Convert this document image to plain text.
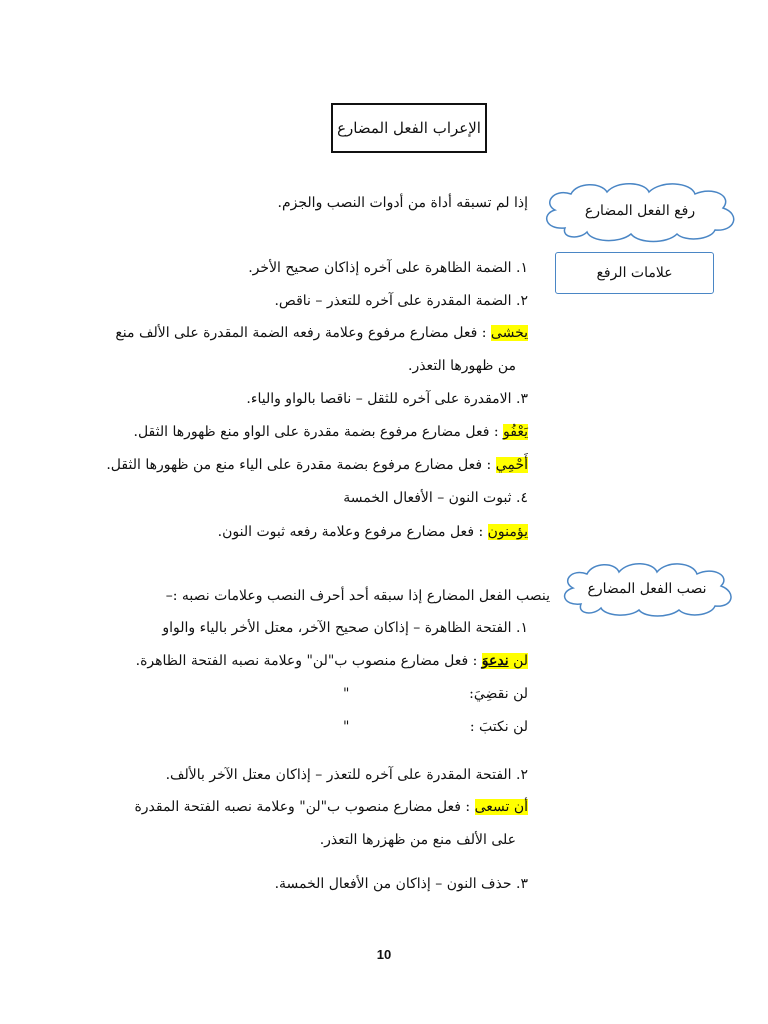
الإعراب الفعل المضارع
رفع الفعل المضارع
علامات الرفع
نصب الفعل المضارع
إذا لم تسبقه أداة من أدوات النصب والجزم.
١. الضمة الظاهرة على آخره إذاكان صحيح الأخر.
٢. الضمة المقدرة على آخره للتعذر – ناقص.
يخشى : فعل مضارع مرفوع وعلامة رفعه الضمة المقدرة على الألف منع
من ظهورها التعذر.
٣. الامقدرة على آخره للثقل – ناقصا بالواو والياء.
يَعْفُو : فعل مضارع مرفوع بضمة مقدرة على الواو منع ظهورها الثقل.
أَحْمِي : فعل مضارع مرفوع بضمة مقدرة على الياء منع من ظهورها الثقل.
٤. ثبوت النون – الأفعال الخمسة
يؤمنون : فعل مضارع مرفوع وعلامة رفعه ثبوت النون.
ينصب الفعل المضارع إذا سبقه أحد أحرف النصب وعلامات نصبه :–
١. الفتحة الظاهرة – إذاكان صحيح الآخر، معتل الأخر بالياء والواو
لن ندعوَ : فعل مضارع منصوب ب"لن" وعلامة نصبه الفتحة الظاهرة.
لن نقضِيَ:
"
لن نكتبَ :
"
٢. الفتحة المقدرة على آخره للتعذر – إذاكان معتل الآخر بالألف.
أن تسعى : فعل مضارع منصوب ب"لن" وعلامة نصبه الفتحة المقدرة
على الألف منع من ظهزرها التعذر.
٣. حذف النون – إذاكان من الأفعال الخمسة.
10
